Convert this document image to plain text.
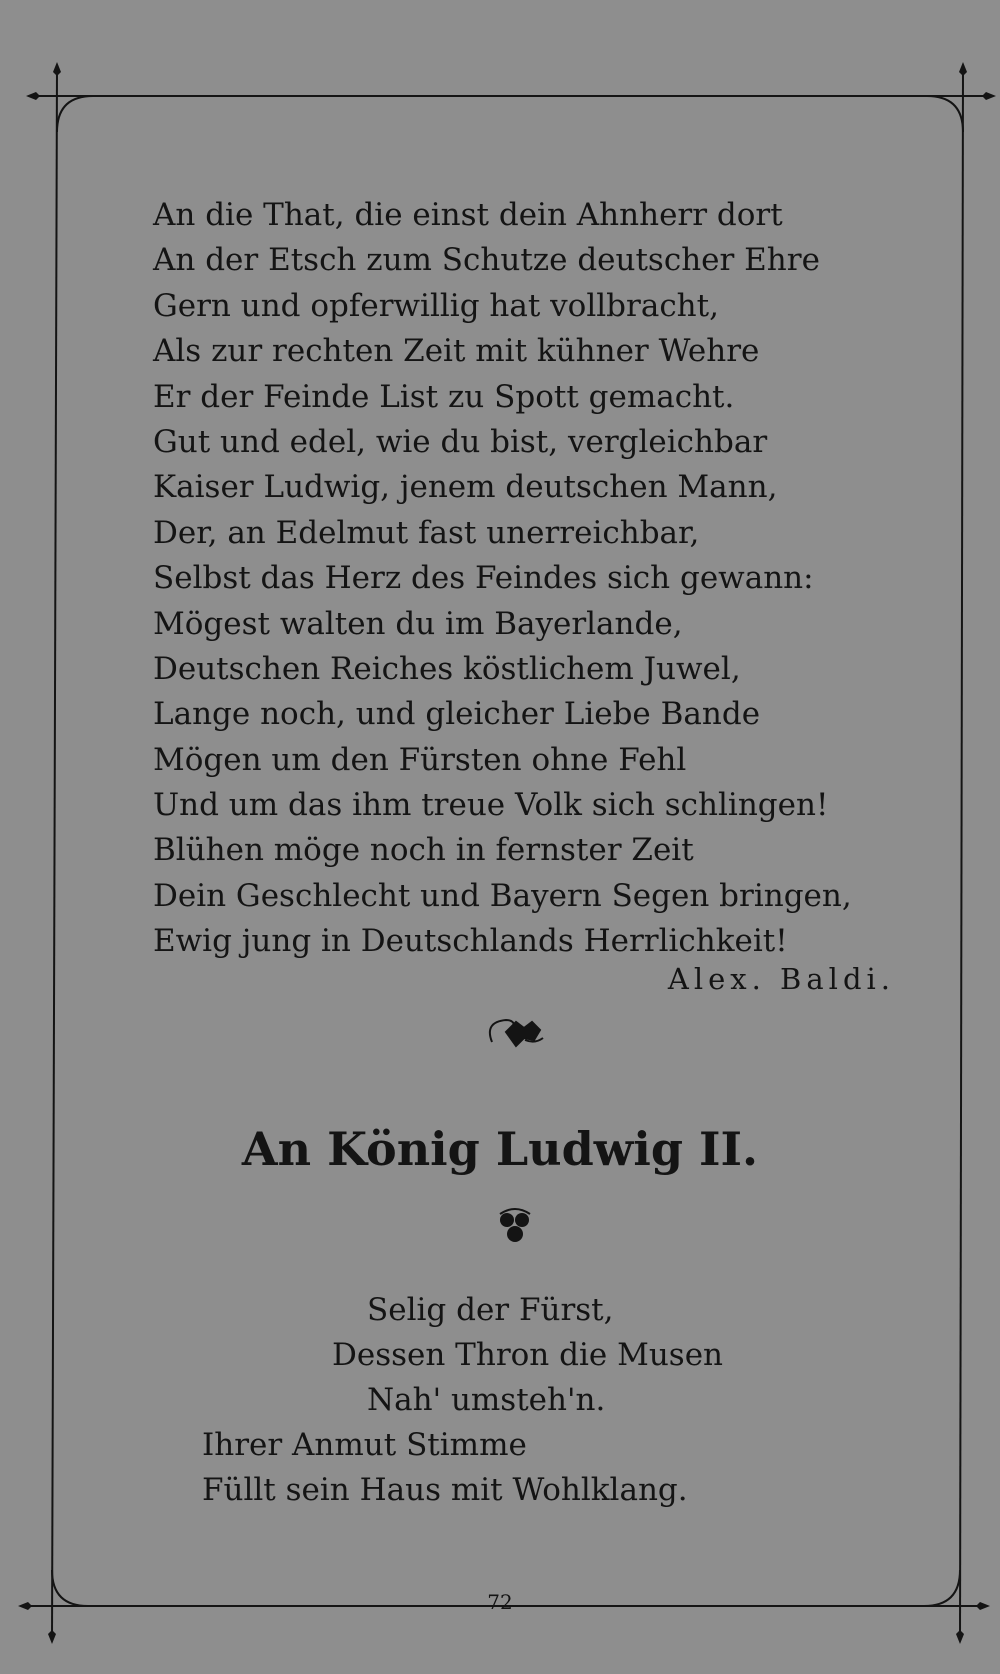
An die That, die einst dein Ahnherr dort
An der Etsch zum Schutze deutscher Ehre
Gern und opferwillig hat vollbracht,
Als zur rechten Zeit mit kühner Wehre
Er der Feinde List zu Spott gemacht.
Gut und edel, wie du bist, vergleichbar
Kaiser Ludwig, jenem deutschen Mann,
Der, an Edelmut fast unerreichbar,
Selbst das Herz des Feindes sich gewann:
Mögest walten du im Bayerlande,
Deutschen Reiches köstlichem Juwel,
Lange noch, und gleicher Liebe Bande
Mögen um den Fürsten ohne Fehl
Und um das ihm treue Volk sich schlingen!
Blühen möge noch in fernster Zeit
Dein Geschlecht und Bayern Segen bringen,
Ewig jung in Deutschlands Herrlichkeit!
Alex. Baldi.
An König Ludwig II.
Selig der Fürst,
Dessen Thron die Musen
Nah' umsteh'n.
Ihrer Anmut Stimme
Füllt sein Haus mit Wohlklang.
72
